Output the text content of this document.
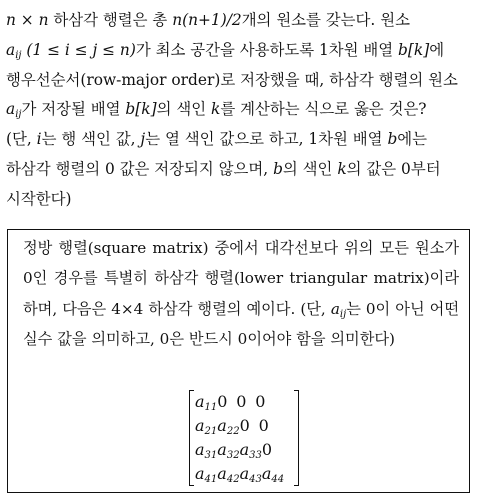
n × n 하삼각 행렬은 총 n(n+1)/2개의 원소를 갖는다. 원소
$a_{ij}$ (1 ≤ i ≤ j ≤ n)가 최소 공간을 사용하도록 1차원 배열 b[k]에
행우선순서(row-major order)로 저장했을 때, 하삼각 행렬의 원소
$a_{ij}$가 저장될 배열 b[k]의 색인 k를 계산하는 식으로 옳은 것은?
(단, i는 행 색인 값, j는 열 색인 값으로 하고, 1차원 배열 b에는
하삼각 행렬의 0 값은 저장되지 않으며, b의 색인 k의 값은 0부터
시작한다)

정방 행렬(square matrix) 중에서 대각선보다 위의 모든 원소가 0인 경우를 특별히 하삼각 행렬(lower triangular matrix)이라 하며, 다음은 4×4 하삼각 행렬의 예이다. (단, $a_{ij}$는 0이 아닌 어떤 실수 값을 의미하고, 0은 반드시 0이어야 함을 의미한다)

$a_{11}0$ 0 0
$a_{21}a_{22}0$ 0
$a_{31}a_{32}a_{33}0$
$a_{41}a_{42}a_{43}a_{44}$
